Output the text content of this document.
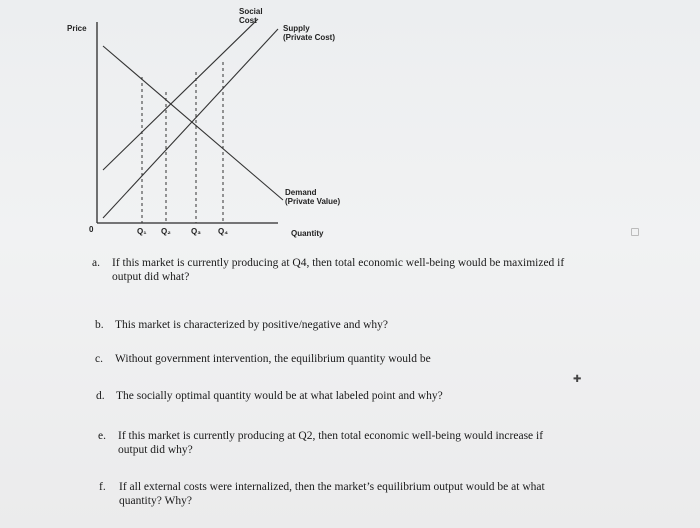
Price
Social
Cost
Supply
(Private Cost)
Demand
(Private Value)
0	Q₁ Q₂	Q₃ Q₄	Quantity
✚
a. If this market is currently producing at Q4, then total economic well-being would be maximized if
output did what?
b. This market is characterized by positive/negative and why?
c. Without government intervention, the equilibrium quantity would be
d. The socially optimal quantity would be at what labeled point and why?
e. If this market is currently producing at Q2, then total economic well-being would increase if
output did why?
f. If all external costs were internalized, then the market’s equilibrium output would be at what
quantity? Why?
